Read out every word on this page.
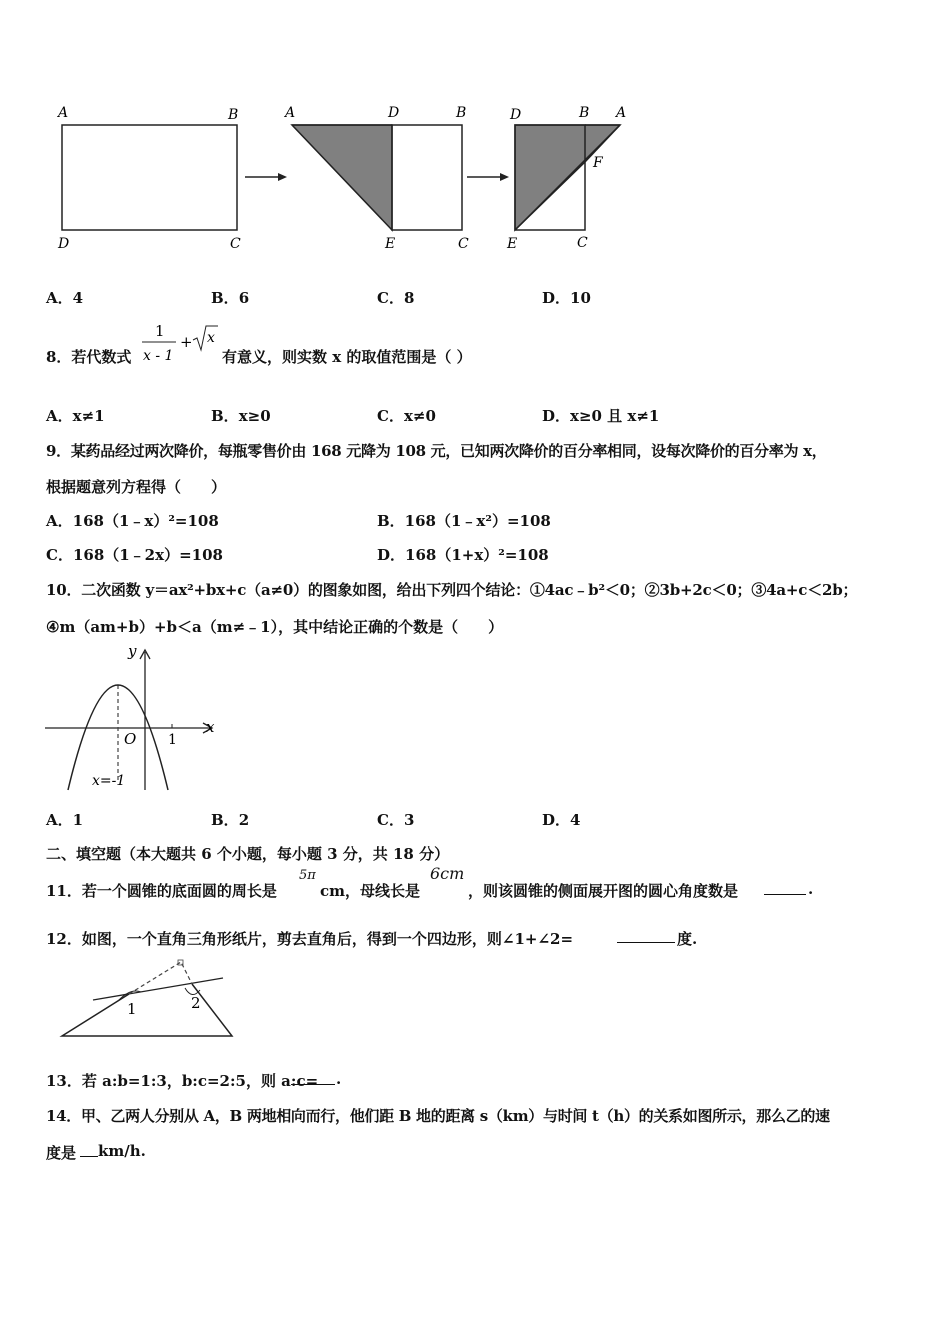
A	B
D	C
A	D	B
E	C
D	B A
F
E	C
A．4	B．6	C．8	D．10
8．若代数式
1
x - 1
+ x
有意义，则实数 x 的取值范围是（ ）
A．x≠1	B．x≥0	C．x≠0	D．x≥0 且 x≠1
9．某药品经过两次降价，每瓶零售价由 168 元降为 108 元，已知两次降价的百分率相同，设每次降价的百分率为 x，
根据题意列方程得（　　）
A．168（1﹣x）²=108	B．168（1﹣x²）=108
C．168（1﹣2x）=108	D．168（1+x）²=108
10．二次函数 y＝ax²+bx+c（a≠0）的图象如图，给出下列四个结论：①4ac﹣b²＜0；②3b+2c＜0；③4a+c＜2b；
④m（am+b）+b＜a（m≠﹣1），其中结论正确的个数是（　　）
y
x
O 1
x=-1
A．1	B．2	C．3	D．4
二、填空题（本大题共 6 个小题，每小题 3 分，共 18 分）
11．若一个圆锥的底面圆的周长是
5π
cm，母线长是
6cm
，则该圆锥的侧面展开图的圆心角度数是	.
12．如图，一个直角三角形纸片，剪去直角后，得到一个四边形，则∠1+∠2=	度.
1	2
13．若 a:b=1:3，b:c=2:5，则 a:c= .
14．甲、乙两人分别从 A，B 两地相向而行，他们距 B 地的距离 s（km）与时间 t（h）的关系如图所示，那么乙的速
度是 km/h.
